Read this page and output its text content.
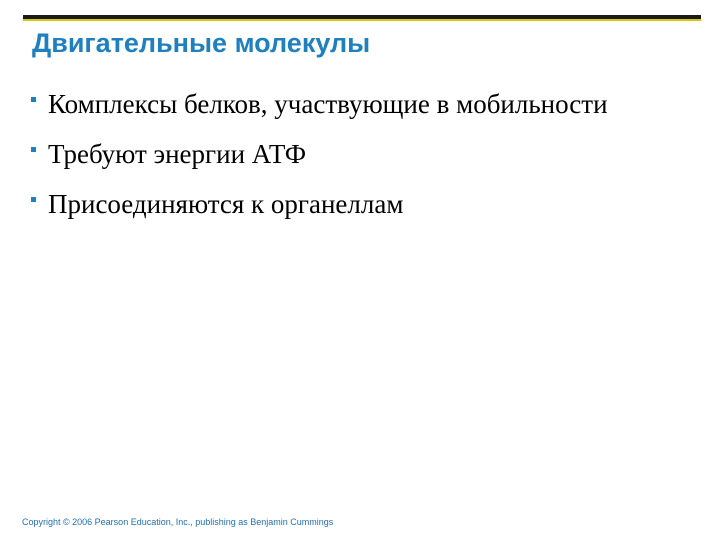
Двигательные молекулы
Комплексы белков, участвующие в мобильности
Требуют энергии АТФ
Присоединяются к органеллам
Copyright © 2006 Pearson Education, Inc., publishing as Benjamin Cummings
